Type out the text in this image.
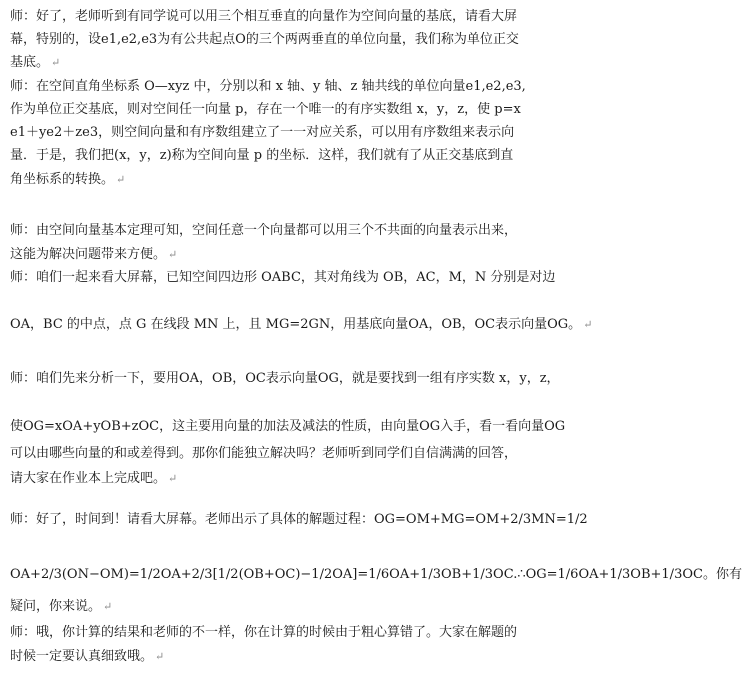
师：好了，老师听到有同学说可以用三个相互垂直的向量作为空间向量的基底，请看大屏
幕，特别的，设e1,e2,e3为有公共起点O的三个两两垂直的单位向量，我们称为单位正交
基底。 ↵
师：在空间直角坐标系 O—xyz 中，分别以和 x 轴、y 轴、z 轴共线的单位向量e1,e2,e3,
作为单位正交基底，则对空间任一向量 p，存在一个唯一的有序实数组 x，y，z，使 p=x
e1＋ye2＋ze3，则空间向量和有序数组建立了一一对应关系，可以用有序数组来表示向
量．于是，我们把(x，y，z)称为空间向量 p 的坐标．这样，我们就有了从正交基底到直
角坐标系的转换。 ↵
师：由空间向量基本定理可知，空间任意一个向量都可以用三个不共面的向量表示出来，
这能为解决问题带来方便。 ↵
师：咱们一起来看大屏幕，已知空间四边形 OABC，其对角线为 OB，AC，M，N 分别是对边
OA，BC 的中点，点 G 在线段 MN 上，且 MG=2GN，用基底向量OA，OB，OC表示向量OG。 ↵
师：咱们先来分析一下，要用OA，OB，OC表示向量OG，就是要找到一组有序实数 x，y，z，
使OG=xOA+yOB+zOC，这主要用向量的加法及减法的性质，由向量OG入手，看一看向量OG
可以由哪些向量的和或差得到。那你们能独立解决吗？老师听到同学们自信满满的回答，
请大家在作业本上完成吧。 ↵
师：好了，时间到！请看大屏幕。老师出示了具体的解题过程：OG=OM+MG=OM+2/3MN=1/2
OA+2/3(ON−OM)=1/2OA+2/3[1/2(OB+OC)−1/2OA]=1/6OA+1/3OB+1/3OC.∴OG=1/6OA+1/3OB+1/3OC。你有
疑问，你来说。 ↵
师：哦，你计算的结果和老师的不一样，你在计算的时候由于粗心算错了。大家在解题的
时候一定要认真细致哦。 ↵
